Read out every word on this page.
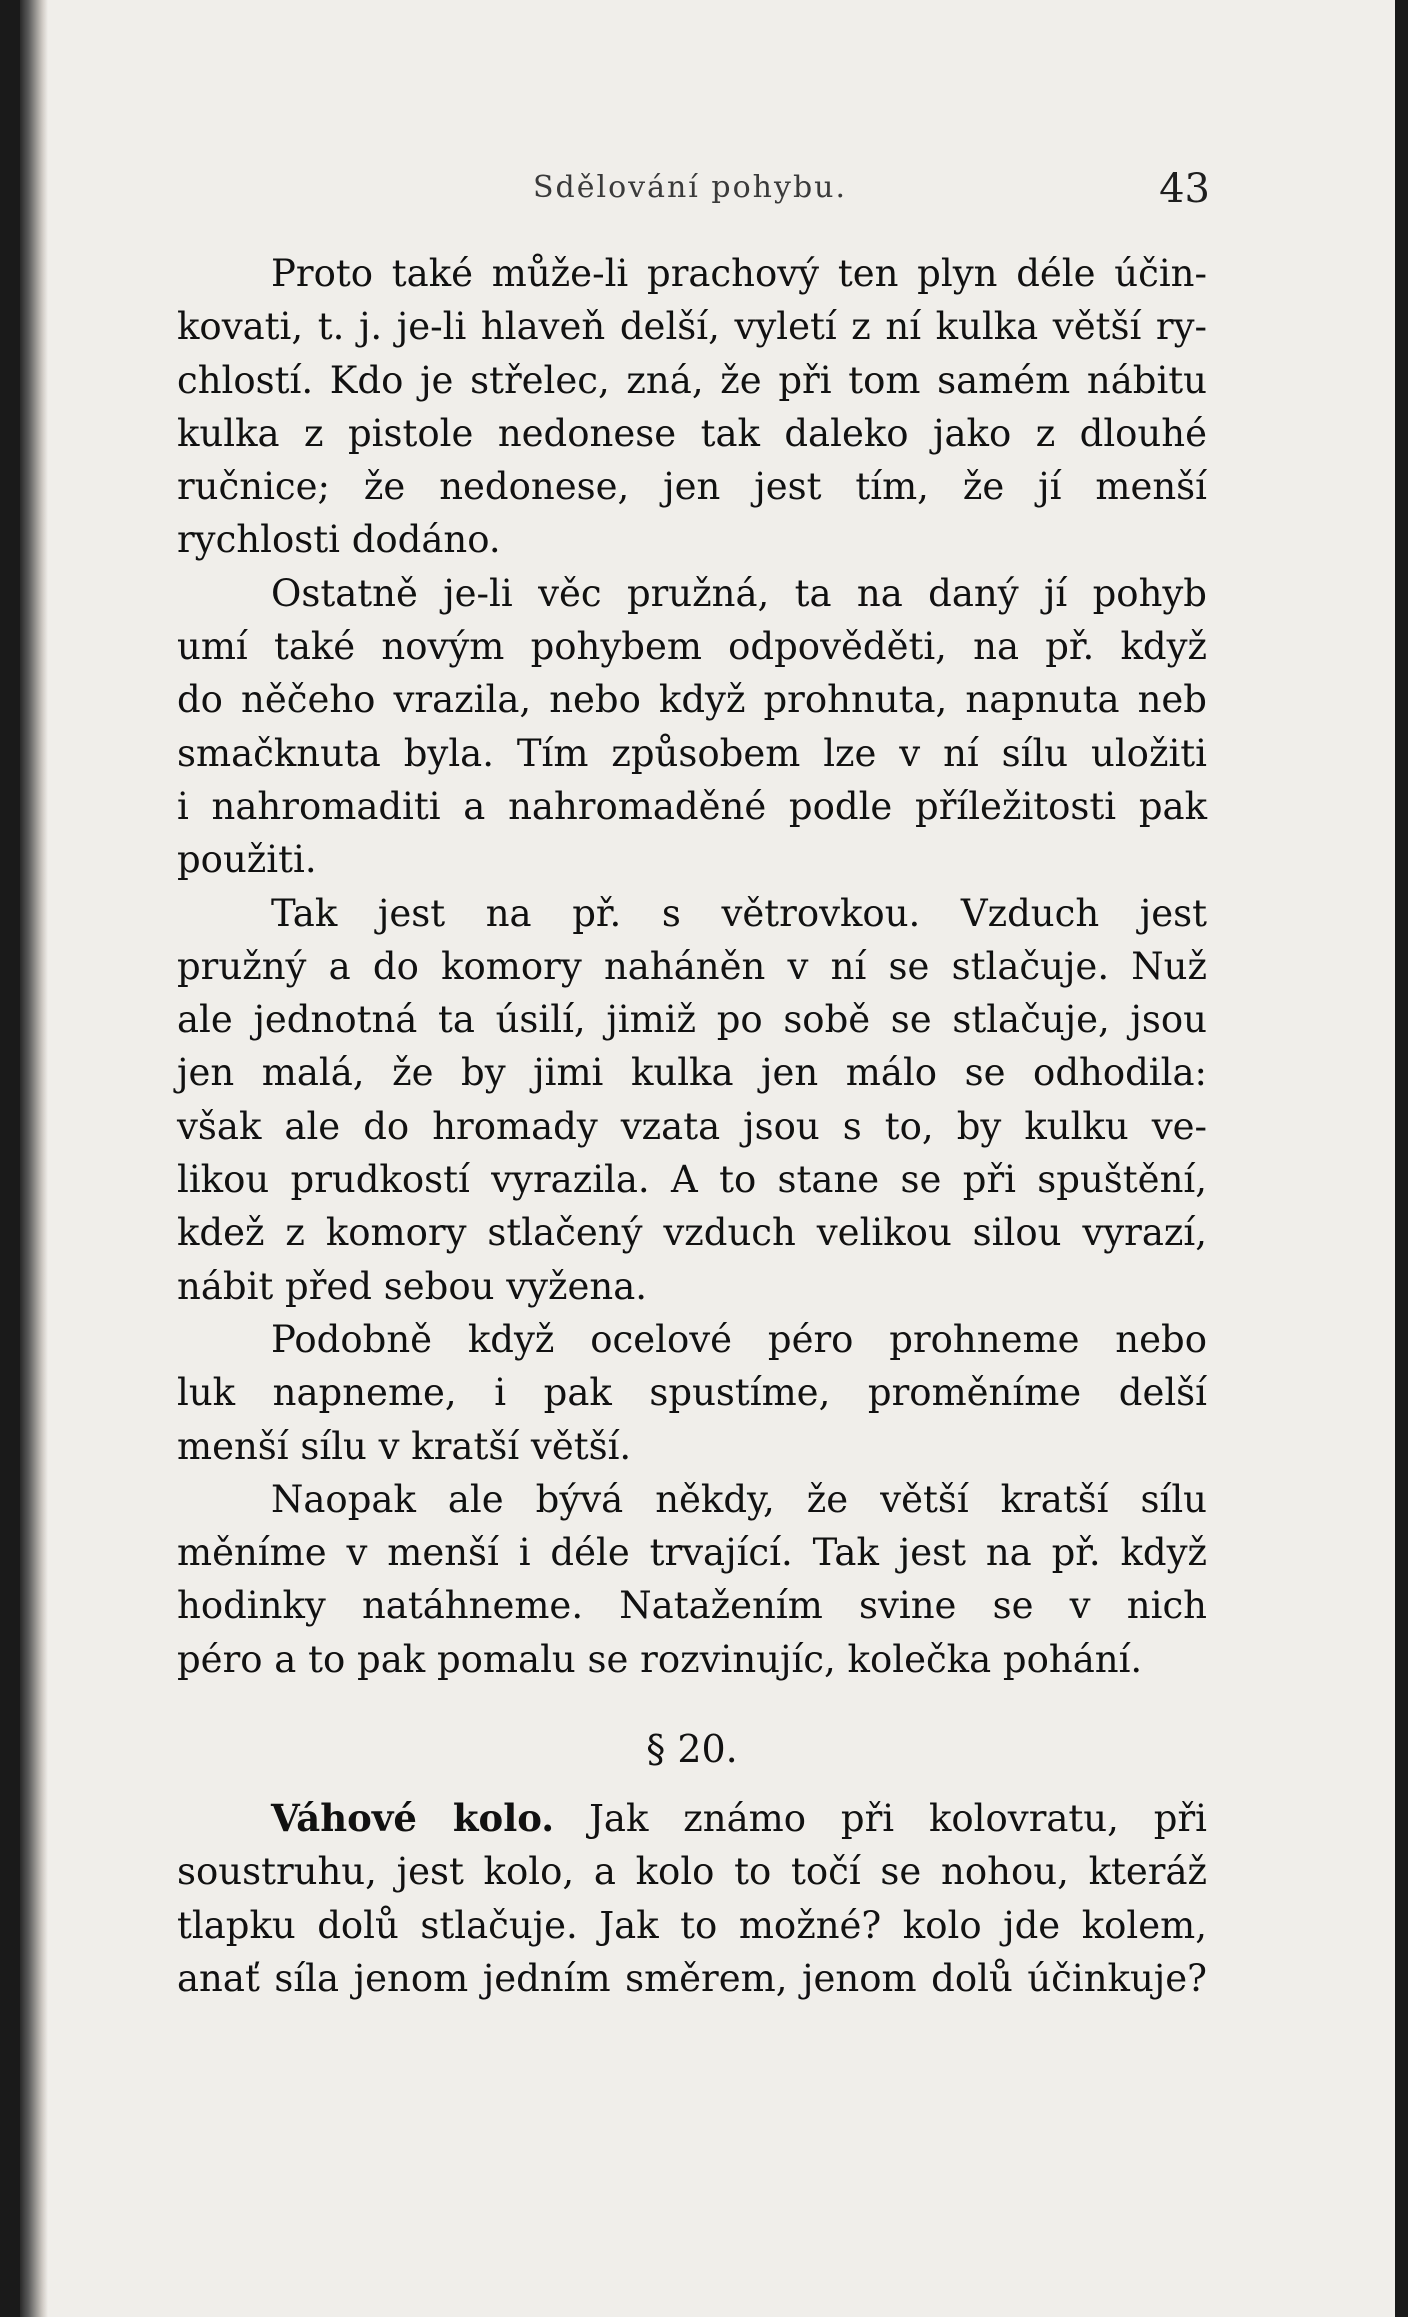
Sdělování pohybu.	43
Proto také může-li prachový ten plyn déle účin-
kovati, t. j. je-li hlaveň delší, vyletí z ní kulka větší ry-
chlostí. Kdo je střelec, zná, že při tom samém nábitu
kulka z pistole nedonese tak daleko jako z dlouhé
ručnice; že nedonese, jen jest tím, že jí menší
rychlosti dodáno.
Ostatně je-li věc pružná, ta na daný jí pohyb
umí také novým pohybem odpověděti, na př. když
do něčeho vrazila, nebo když prohnuta, napnuta neb
smačknuta byla. Tím způsobem lze v ní sílu uložiti
i nahromaditi a nahromaděné podle příležitosti pak
použiti.
Tak jest na př. s větrovkou. Vzduch jest
pružný a do komory naháněn v ní se stlačuje. Nuž
ale jednotná ta úsilí, jimiž po sobě se stlačuje, jsou
jen malá, že by jimi kulka jen málo se odhodila:
však ale do hromady vzata jsou s to, by kulku ve-
likou prudkostí vyrazila. A to stane se při spuštění,
kdež z komory stlačený vzduch velikou silou vyrazí,
nábit před sebou vyžena.
Podobně když ocelové péro prohneme nebo
luk napneme, i pak spustíme, proměníme delší
menší sílu v kratší větší.
Naopak ale bývá někdy, že větší kratší sílu
měníme v menší i déle trvající. Tak jest na př. když
hodinky natáhneme. Natažením svine se v nich
péro a to pak pomalu se rozvinujíc, kolečka pohání.
§ 20.
Váhové kolo. Jak známo při kolovratu, při
soustruhu, jest kolo, a kolo to točí se nohou, kteráž
tlapku dolů stlačuje. Jak to možné? kolo jde kolem,
anať síla jenom jedním směrem, jenom dolů účinkuje?
